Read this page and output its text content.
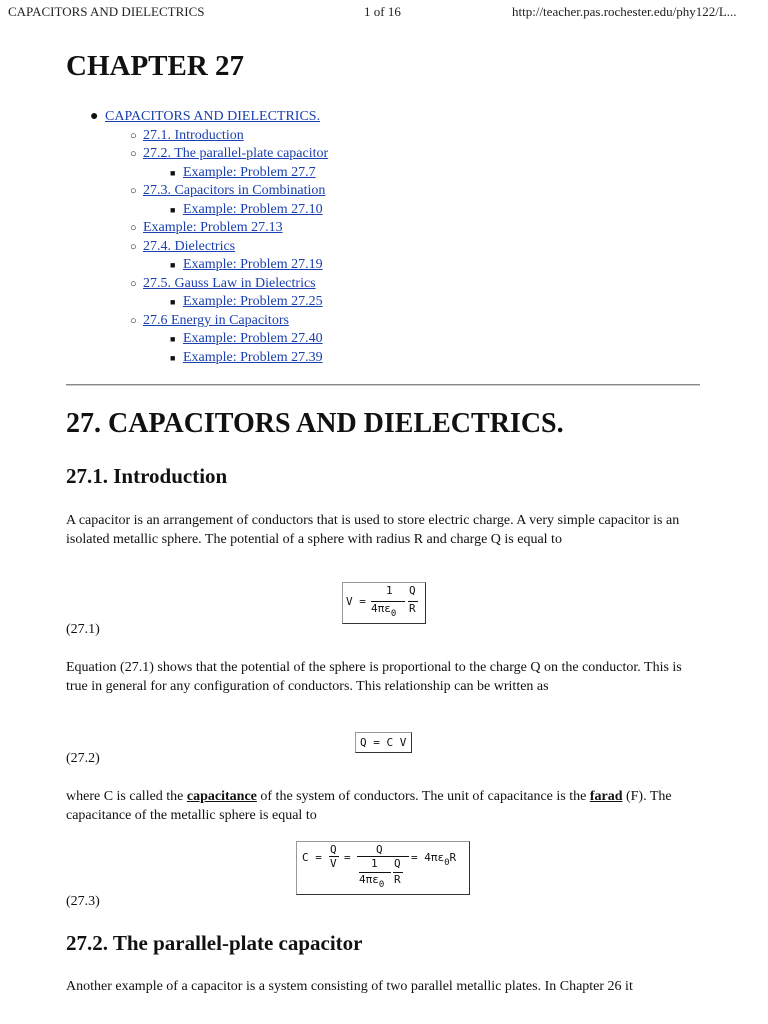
CAPACITORS AND DIELECTRICS	1 of 16	http://teacher.pas.rochester.edu/phy122/L...
CHAPTER 27
● CAPACITORS AND DIELECTRICS.
○ 27.1. Introduction
○ 27.2. The parallel-plate capacitor
■ Example: Problem 27.7
○ 27.3. Capacitors in Combination
■ Example: Problem 27.10
○ Example: Problem 27.13
○ 27.4. Dielectrics
■ Example: Problem 27.19
○ 27.5. Gauss Law in Dielectrics
■ Example: Problem 27.25
○ 27.6 Energy in Capacitors
■ Example: Problem 27.40
■ Example: Problem 27.39
27. CAPACITORS AND DIELECTRICS.
27.1. Introduction

A capacitor is an arrangement of conductors that is used to store electric charge. A very simple capacitor is an isolated metallic sphere. The potential of a sphere with radius R and charge Q is equal to

V =
1
$4\pi\varepsilon_0$
Q
R
(27.1)

Equation (27.1) shows that the potential of the sphere is proportional to the charge Q on the conductor. This is true in general for any configuration of conductors. This relationship can be written as

Q = C V
(27.2)

where C is called the capacitance of the system of conductors. The unit of capacitance is the farad (F). The capacitance of the metallic sphere is equal to

C =
Q
V =
Q
1
$4\pi\varepsilon_0$
Q
R
= $4\pi\varepsilon_0R$
(27.3)
27.2. The parallel-plate capacitor

Another example of a capacitor is a system consisting of two parallel metallic plates. In Chapter 26 it
